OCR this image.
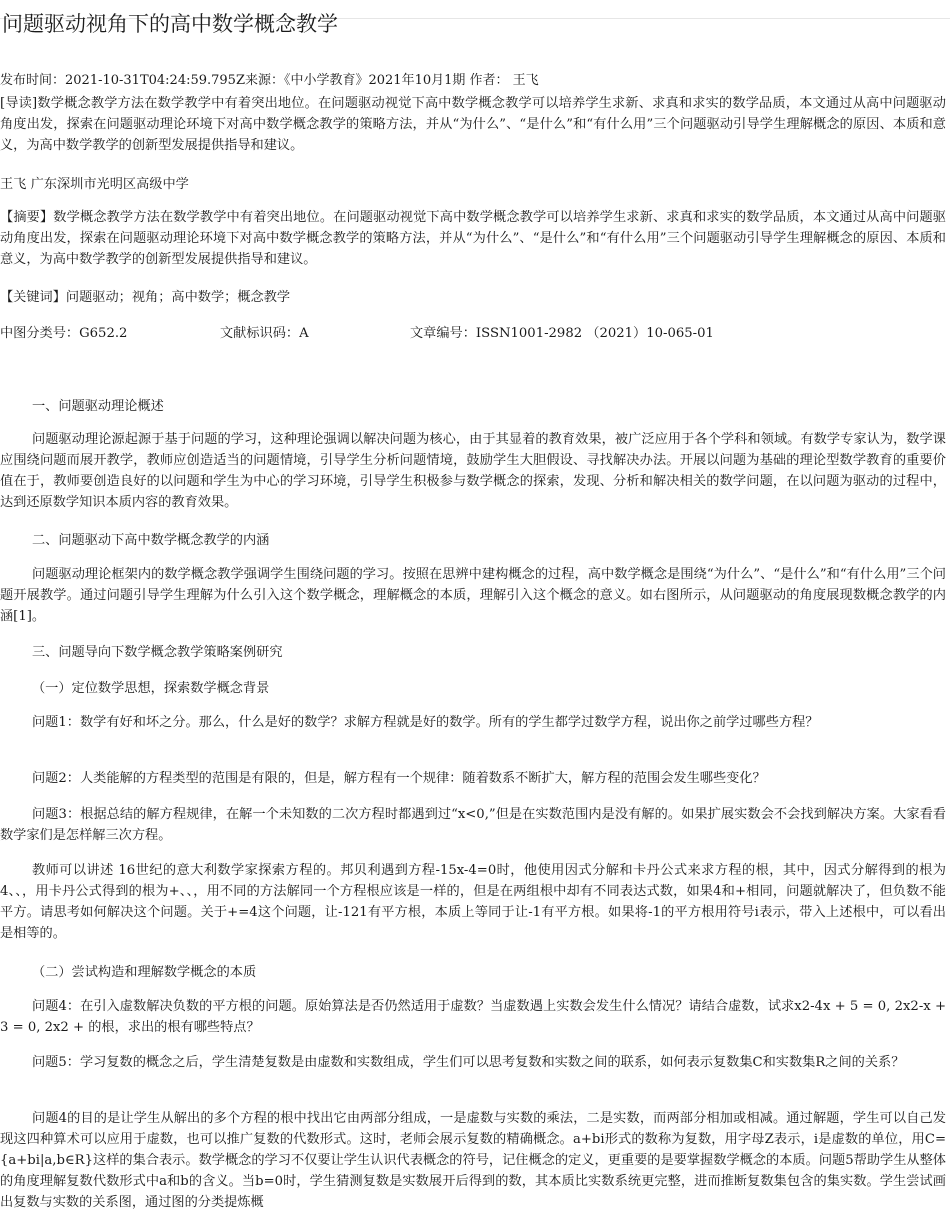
问题驱动视角下的高中数学概念教学
发布时间：2021-10-31T04:24:59.795Z来源：《中小学教育》2021年10月1期 作者： 王飞

[导读]数学概念教学方法在数学教学中有着突出地位。在问题驱动视觉下高中数学概念教学可以培养学生求新、求真和求实的数学品质，本文通过从高中问题驱动角度出发，探索在问题驱动理论环境下对高中数学概念教学的策略方法，并从“为什么”、“是什么”和“有什么用”三个问题驱动引导学生理解概念的原因、本质和意义，为高中数学教学的创新型发展提供指导和建议。

王飞 广东深圳市光明区高级中学

【摘要】数学概念教学方法在数学教学中有着突出地位。在问题驱动视觉下高中数学概念教学可以培养学生求新、求真和求实的数学品质，本文通过从高中问题驱动角度出发，探索在问题驱动理论环境下对高中数学概念教学的策略方法，并从“为什么”、“是什么”和“有什么用”三个问题驱动引导学生理解概念的原因、本质和意义，为高中数学教学的创新型发展提供指导和建议。

【关键词】问题驱动；视角；高中数学；概念教学
中图分类号：G652.2	文献标识码：A	文章编号：ISSN1001-2982 （2021）10-065-01
一、问题驱动理论概述

问题驱动理论源起源于基于问题的学习，这种理论强调以解决问题为核心，由于其显着的教育效果，被广泛应用于各个学科和领域。有数学专家认为，数学课应围绕问题而展开教学，教师应创造适当的问题情境，引导学生分析问题情境，鼓励学生大胆假设、寻找解决办法。开展以问题为基础的理论型数学教育的重要价值在于，教师要创造良好的以问题和学生为中心的学习环境，引导学生积极参与数学概念的探索，发现、分析和解决相关的数学问题，在以问题为驱动的过程中，达到还原数学知识本质内容的教育效果。

二、问题驱动下高中数学概念教学的内涵

问题驱动理论框架内的数学概念教学强调学生围绕问题的学习。按照在思辨中建构概念的过程，高中数学概念是围绕“为什么”、“是什么”和“有什么用”三个问题开展教学。通过问题引导学生理解为什么引入这个数学概念，理解概念的本质，理解引入这个概念的意义。如右图所示，从问题驱动的角度展现数概念教学的内涵[1]。

三、问题导向下数学概念教学策略案例研究
（一）定位数学思想，探索数学概念背景

问题1：数学有好和坏之分。那么，什么是好的数学？求解方程就是好的数学。所有的学生都学过数学方程，说出你之前学过哪些方程？

问题2：人类能解的方程类型的范围是有限的，但是，解方程有一个规律：随着数系不断扩大，解方程的范围会发生哪些变化？

问题3：根据总结的解方程规律，在解一个未知数的二次方程时都遇到过“x<0,”但是在实数范围内是没有解的。如果扩展实数会不会找到解决方案。大家看看数学家们是怎样解三次方程。

教师可以讲述 16世纪的意大利数学家探索方程的。邦贝利遇到方程-15x-4=0时，他使用因式分解和卡丹公式来求方程的根，其中，因式分解得到的根为4、、，用卡丹公式得到的根为+、、，用不同的方法解同一个方程根应该是一样的，但是在两组根中却有不同表达式数，如果4和+相同，问题就解决了，但负数不能平方。请思考如何解决这个问题。关于+=4这个问题，让-121有平方根，本质上等同于让-1有平方根。如果将-1的平方根用符号i表示，带入上述根中，可以看出是相等的。

（二）尝试构造和理解数学概念的本质

问题4：在引入虚数解决负数的平方根的问题。原始算法是否仍然适用于虚数？当虚数遇上实数会发生什么情况？请结合虚数，试求x2-4x + 5 = 0, 2x2-x + 3 = 0, 2x2 + 的根，求出的根有哪些特点？

问题5：学习复数的概念之后，学生清楚复数是由虚数和实数组成，学生们可以思考复数和实数之间的联系，如何表示复数集C和实数集R之间的关系？

问题4的目的是让学生从解出的多个方程的根中找出它由两部分组成，一是虚数与实数的乘法，二是实数，而两部分相加或相减。通过解题，学生可以自己发现这四种算术可以应用于虚数，也可以推广复数的代数形式。这时，老师会展示复数的精确概念。a+bi形式的数称为复数，用字母Z表示，i是虚数的单位，用C={a+bi|a,b∈R}这样的集合表示。数学概念的学习不仅要让学生认识代表概念的符号，记住概念的定义，更重要的是要掌握数学概念的本质。问题5帮助学生从整体的角度理解复数代数形式中a和b的含义。当b=0时，学生猜测复数是实数展开后得到的数，其本质比实数系统更完整，进而推断复数集包含的集实数。学生尝试画出复数与实数的关系图，通过图的分类提炼概
